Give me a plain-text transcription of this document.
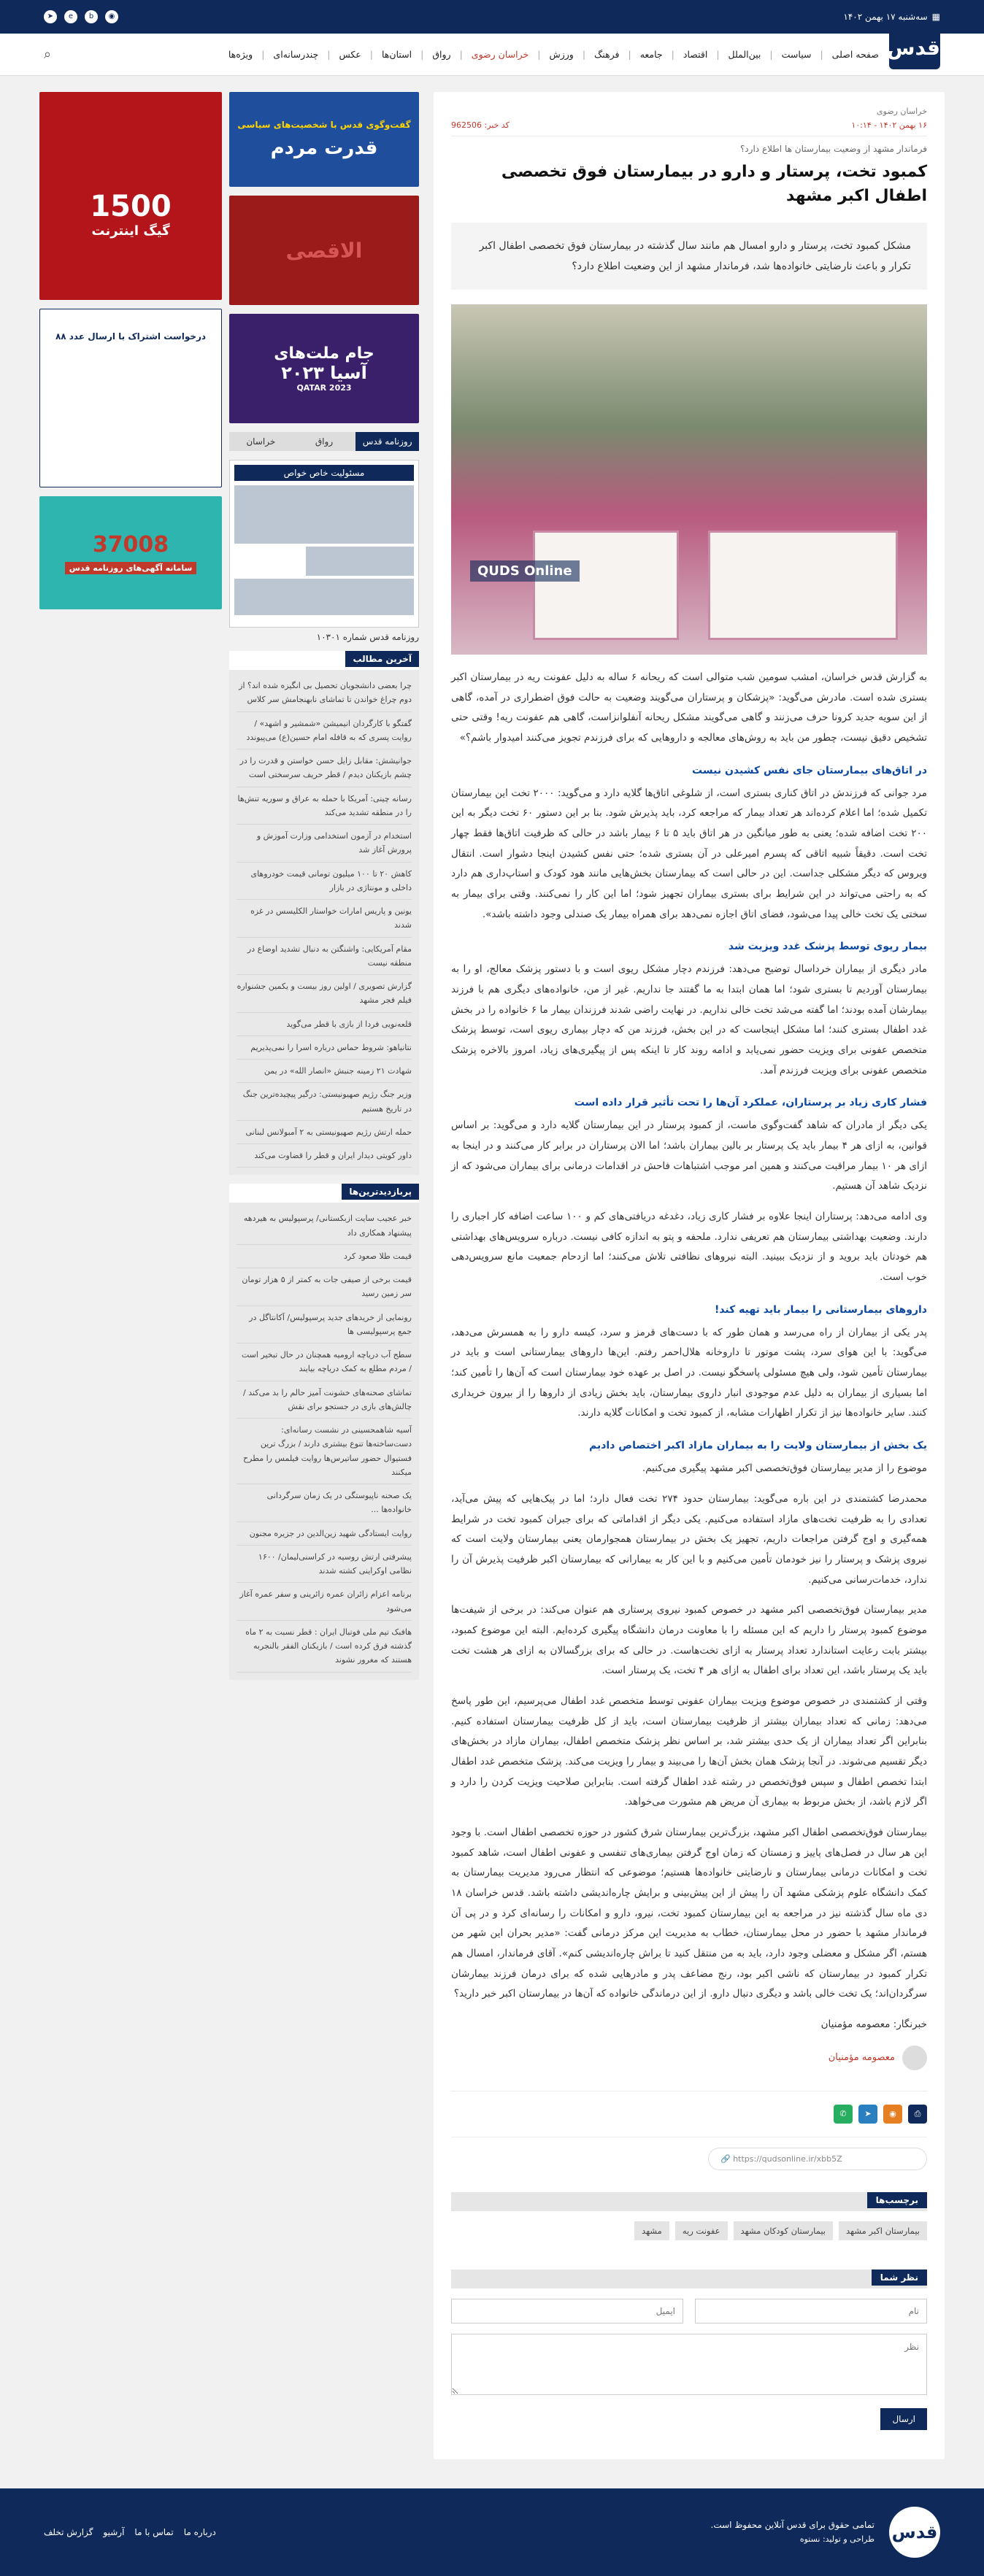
▦
سه‌شنبه ۱۷ بهمن ۱۴۰۲
➤	e	b	◉
قدس
صفحه اصلی
|
سیاست
|
بین‌الملل
|
اقتصاد
|
جامعه
|
فرهنگ
|
ورزش
|
خراسان رضوی
|
رواق
|
استان‌ها
|
عکس
|
چندرسانه‌ای
|
ویژه‌ها
⌕
خراسان رضوی
۱۶ بهمن ۱۴۰۲ - ۱۰:۱۴
کد خبر: 962506
فرماندار مشهد از وضعیت بیمارستان ها اطلاع دارد؟
کمبود تخت، پرستار و دارو در بیمارستان فوق تخصصی اطفال اکبر مشهد
مشکل کمبود تخت، پرستار و دارو امسال هم مانند سال گذشته در بیمارستان فوق تخصصی اطفال اکبر تکرار و باعث نارضایتی خانواده‌ها شد، فرماندار مشهد از این وضعیت اطلاع دارد؟
QUDS Online

به گزارش قدس خراسان، امشب سومین شب متوالی است که ریحانه ۶ ساله به دلیل عفونت ریه در بیمارستان اکبر بستری شده است. مادرش می‌گوید: «پزشکان و پرستاران می‌گویند وضعیت به حالت فوق اضطراری در آمده، گاهی از این سویه جدید کرونا حرف می‌زنند و گاهی می‌گویند مشکل ریحانه آنفلوانزاست، گاهی هم عفونت ریه! وقتی حتی تشخیص دقیق نیست، چطور من باید به روش‌های معالجه و داروهایی که برای فرزندم تجویز می‌کنند امیدوار باشم؟»

در اتاق‌های بیمارستان جای نفس کشیدن نیست

مرد جوانی که فرزندش در اتاق کناری بستری است، از شلوغی اتاق‌ها گلایه دارد و می‌گوید: ۲۰۰۰ تخت این بیمارستان تکمیل شده؛ اما اعلام کرده‌اند هر تعداد بیمار که مراجعه کرد، باید پذیرش شود. بنا بر این دستور ۶۰ تخت دیگر به این ۲۰۰ تخت اضافه شده؛ یعنی به طور میانگین در هر اتاق باید ۵ تا ۶ بیمار باشد در حالی که ظرفیت اتاق‌ها فقط چهار تخت است. دقیقاً شبیه اتاقی که پسرم امیرعلی در آن بستری شده؛ حتی نفس کشیدن اینجا دشوار است. انتقال ویروس که دیگر مشکلی جداست. این در حالی است که بیمارستان بخش‌هایی مانند هود کودک و استاپ‌داری هم دارد که به راحتی می‌تواند در این شرایط برای بستری بیماران تجهیز شود؛ اما این کار را نمی‌کنند. وقتی برای بیمار به سختی یک تخت خالی پیدا می‌شود، فضای اتاق اجازه نمی‌دهد برای همراه بیمار یک صندلی وجود داشته باشد».

بیمار ریوی توسط پزشک غدد ویزیت شد

مادر دیگری از بیماران خرداسال توضیح می‌دهد: فرزندم دچار مشکل ریوی است و با دستور پزشک معالج، او را به بیمارستان آوردیم تا بستری شود؛ اما همان ابتدا به ما گفتند جا نداریم. غیر از من، خانواده‌های دیگری هم با فرزند بیمارشان آمده بودند؛ اما گفته می‌شد تخت خالی نداریم. در نهایت راضی شدند فرزندان بیمار ما ۶ خانواده را در بخش غدد اطفال بستری کنند؛ اما مشکل اینجاست که در این بخش، فرزند من که دچار بیماری ریوی است، توسط پزشک متخصص عفونی برای ویزیت حضور نمی‌یابد و ادامه روند کار تا اینکه پس از پیگیری‌های زیاد، امروز بالاخره پزشک متخصص عفونی برای ویزیت فرزندم آمد.

فشار کاری زیاد بر پرستاران، عملکرد آن‌ها را تحت تأثیر قرار داده است

یکی دیگر از مادران که شاهد گفت‌وگوی ماست، از کمبود پرستار در این بیمارستان گلایه دارد و می‌گوید: بر اساس قوانین، به ازای هر ۴ بیمار باید یک پرستار بر بالین بیماران باشد؛ اما الان پرستاران در برابر کار می‌کنند و در اینجا به ازای هر ۱۰ بیمار مراقبت می‌کنند و همین امر موجب اشتباهات فاحش در اقدامات درمانی برای بیماران می‌شود که از نزدیک شاهد آن هستیم.

وی ادامه می‌دهد: پرستاران اینجا علاوه بر فشار کاری زیاد، دغدغه دریافتی‌های کم و ۱۰۰ ساعت اضافه کار اجباری را دارند. وضعیت بهداشتی بیمارستان هم تعریفی ندارد. ملحفه و پتو به اندازه کافی نیست. درباره سرویس‌های بهداشتی هم خودتان باید بروید و از نزدیک ببینید. البته نیروهای نظافتی تلاش می‌کنند؛ اما ازدحام جمعیت مانع سرویس‌دهی خوب است.

داروهای بیمارستانی را بیمار باید تهیه کند!

پدر یکی از بیماران از راه می‌رسد و همان طور که با دست‌های قرمز و سرد، کیسه دارو را به همسرش می‌دهد، می‌گوید: با این هوای سرد، پشت موتور تا داروخانه هلال‌احمر رفتم. این‌ها داروهای بیمارستانی است و باید در بیمارستان تأمین شود، ولی هیچ مسئولی پاسخگو نیست. در اصل بر عهده خود بیمارستان است که آن‌ها را تأمین کند؛ اما بسیاری از بیماران به دلیل عدم موجودی انبار داروی بیمارستان، باید بخش زیادی از داروها را از بیرون خریداری کنند. سایر خانواده‌ها نیز از تکرار اظهارات مشابه، از کمبود تخت و امکانات گلایه دارند.

یک بخش از بیمارستان ولایت را به بیماران مازاد اکبر اختصاص دادیم

موضوع را از مدیر بیمارستان فوق‌تخصصی اکبر مشهد پیگیری می‌کنیم.

محمدرضا کشتمندی در این باره می‌گوید: بیمارستان حدود ۲۷۴ تخت فعال دارد؛ اما در پیک‌هایی که پیش می‌آید، تعدادی را به ظرفیت تخت‌های مازاد استفاده می‌کنیم. یکی دیگر از اقداماتی که برای جبران کمبود تخت در شرایط همه‌گیری و اوج گرفتن مراجعات داریم، تجهیز یک بخش در بیمارستان همجوارمان یعنی بیمارستان ولایت است که نیروی پزشک و پرستار را نیز خودمان تأمین می‌کنیم و با این کار به بیمارانی که بیمارستان اکبر ظرفیت پذیرش آن را ندارد، خدمات‌رسانی می‌کنیم.

مدیر بیمارستان فوق‌تخصصی اکبر مشهد در خصوص کمبود نیروی پرستاری هم عنوان می‌کند: در برخی از شیفت‌ها موضوع کمبود پرستار را داریم که این مسئله را با معاونت درمان دانشگاه پیگیری کرده‌ایم. البته این موضوع کمبود، بیشتر بابت رعایت استاندارد تعداد پرستار به ازای تخت‌هاست. در حالی که برای بزرگسالان به ازای هر هشت تخت باید یک پرستار باشد، این تعداد برای اطفال به ازای هر ۴ تخت، یک پرستار است.

وقتی از کشتمندی در خصوص موضوع ویزیت بیماران عفونی توسط متخصص غدد اطفال می‌پرسیم، این طور پاسخ می‌دهد: زمانی که تعداد بیماران بیشتر از ظرفیت بیمارستان است، باید از کل ظرفیت بیمارستان استفاده کنیم. بنابراین اگر تعداد بیماران از یک حدی بیشتر شد، بر اساس نظر پزشک متخصص اطفال، بیماران مازاد در بخش‌های دیگر تقسیم می‌شوند. در آنجا پزشک همان بخش آن‌ها را می‌بیند و بیمار را ویزیت می‌کند. پزشک متخصص غدد اطفال ابتدا تخصص اطفال و سپس فوق‌تخصص در رشته غدد اطفال گرفته است. بنابراین صلاحیت ویزیت کردن را دارد و اگر لازم باشد، از بخش مربوط به بیماری آن مریض هم مشورت می‌خواهد.

بیمارستان فوق‌تخصصی اطفال اکبر مشهد، بزرگ‌ترین بیمارستان شرق کشور در حوزه تخصصی اطفال است. با وجود این هر سال در فصل‌های پاییز و زمستان که زمان اوج گرفتن بیماری‌های تنفسی و عفونی اطفال است، شاهد کمبود تخت و امکانات درمانی بیمارستان و نارضایتی خانواده‌ها هستیم؛ موضوعی که انتظار می‌رود مدیریت بیمارستان به کمک دانشگاه علوم پزشکی مشهد آن را پیش از این پیش‌بینی و برایش چاره‌اندیشی داشته باشد. قدس خراسان ۱۸ دی ماه سال گذشته نیز در مراجعه به این بیمارستان کمبود تخت، نیرو، دارو و امکانات را رسانه‌ای کرد و در پی آن فرماندار مشهد با حضور در محل بیمارستان، خطاب به مدیریت این مرکز درمانی گفت: «مدیر بحران این شهر من هستم، اگر مشکل و معضلی وجود دارد، باید به من منتقل کنید تا براش چاره‌اندیشی کنم». آقای فرماندار، امسال هم تکرار کمبود در بیمارستان که ناشی اکبر بود، رنج مضاعف پدر و مادرهایی شده که برای درمان فرزند بیمارشان سرگردان‌اند؛ یک تخت خالی باشد و دیگری دنبال دارو. از این درماندگی خانواده که آن‌ها در بیمارستان اکبر خبر دارید؟

خبرنگار: معصومه مؤمنیان

معصومه مؤمنیان
⎙
◉
➤
✆
🔗 https://qudsonline.ir/xbb5Z
برچسب‌ها
بیمارستان اکبر مشهد
بیمارستان کودکان مشهد
عفونت ریه
مشهد
نظر شما
نام
ایمیل
نظر ارسال
گفت‌وگوی قدس با شخصیت‌های سیاسی
قدرت مردم
الاقصی
جام ملت‌های
آسیا ۲۰۲۳
QATAR 2023
روزنامه قدس
رواق
خراسان
مسئولیت خاص خواص
روزنامه قدس شماره ۱۰۳۰۱
آخرین مطالب
چرا بعضی دانشجویان تحصیل بی انگیزه شده اند؟ از دوم چراغ خواندن تا تماشای نابهنجامش سر کلاس
گفتگو با کارگردان انیمیشن «شمشیر و اشهد» / روایت پسری که به قافله امام حسین(ع) می‌پیوندد
جوانیشش: مقابل زایل حسن خواستن و قدرت را در چشم بازیکنان دیدم / قطر حریف سرسختی است
رسانه چینی: آمریکا با حمله به عراق و سوریه تنش‌ها را در منطقه تشدید می‌کند
استخدام در آزمون استخدامی وزارت آموزش و پرورش آغاز شد
کاهش ۲۰ تا ۱۰۰ میلیون تومانی قیمت خودروهای داخلی و مونتاژی در بازار
یونین و پاریس امارات خواستار الکلیسس در غزه شدند
مقام آمریکایی: واشنگتن به دنبال تشدید اوضاع در منطقه نیست
گزارش تصویری / اولین روز بیست و یکمین جشنواره فیلم فجر مشهد
قلعه‌نویی فردا از بازی با قطر می‌گوید
نتانیاهو: شروط حماس درباره اسرا را نمی‌پذیریم
شهادت ۲۱ زمینه جنبش «انصار الله» در یمن
وزیر جنگ رژیم صهیونیستی: درگیر پیچیده‌ترین جنگ در تاریخ هستیم
حمله ارتش رژیم صهیونیستی به ۲ آمبولانس لبنانی
داور کویتی دیدار ایران و قطر را قضاوت می‌کند
پربازدیدترین‌ها
خبر عجیب سایت ازبکستانی/ پرسپولیس به هیردهه پیشنهاد همکاری داد
قیمت طلا صعود کرد
قیمت برخی از صیفی جات به کمتر از ۵ هزار تومان سر زمین رسید
رونمایی از خریدهای جدید پرسپولیس/ آکانتاگل در جمع پرسپولیسی ها
سطح آب دریاچه ارومیه همچنان در حال تبخیر است / مردم مطلع به کمک دریاچه بیایند
تماشای صحنه‌های خشونت آمیز حالم را بد می‌کند / چالش‌های بازی در جستجو برای نقش
آسیه شاهمحسینی در نشست رسانه‌ای: دست‌ساخته‌ها تنوع بیشتری دارند / بزرگ ترین فستیوال حضور ساتیرس‌ها روایت فیلمس را مطرح میکنند
یک صحنه ناپیوستگی در یک زمان سرگردانی خانواده‌ها ...
روایت ایستادگی شهید زین‌الدین در جزیره مجنون
پیشرفتی ارتش روسیه در کراسنی‌لیمان/ ۱۶۰۰ نظامی اوکراینی کشته شدند
برنامه اعزام زائران عمره زائرینی و سفر عمره آغاز می‌شود
هافبک تیم ملی فوتبال ایران : قطر نسبت به ۲ ماه گذشته فرق کرده است / بازیکنان الفقر بالنجربه هستند که مغرور نشوند
1500
گیگ اینترنت
درخواست اشتراک با ارسال عدد ۸۸
37008
سامانه آگهی‌های روزنامه قدس
قدس
تمامی حقوق برای قدس آنلاین محفوظ است.
طراحی و تولید: نستوه
درباره ما
تماس با ما
آرشیو
گزارش تخلف
